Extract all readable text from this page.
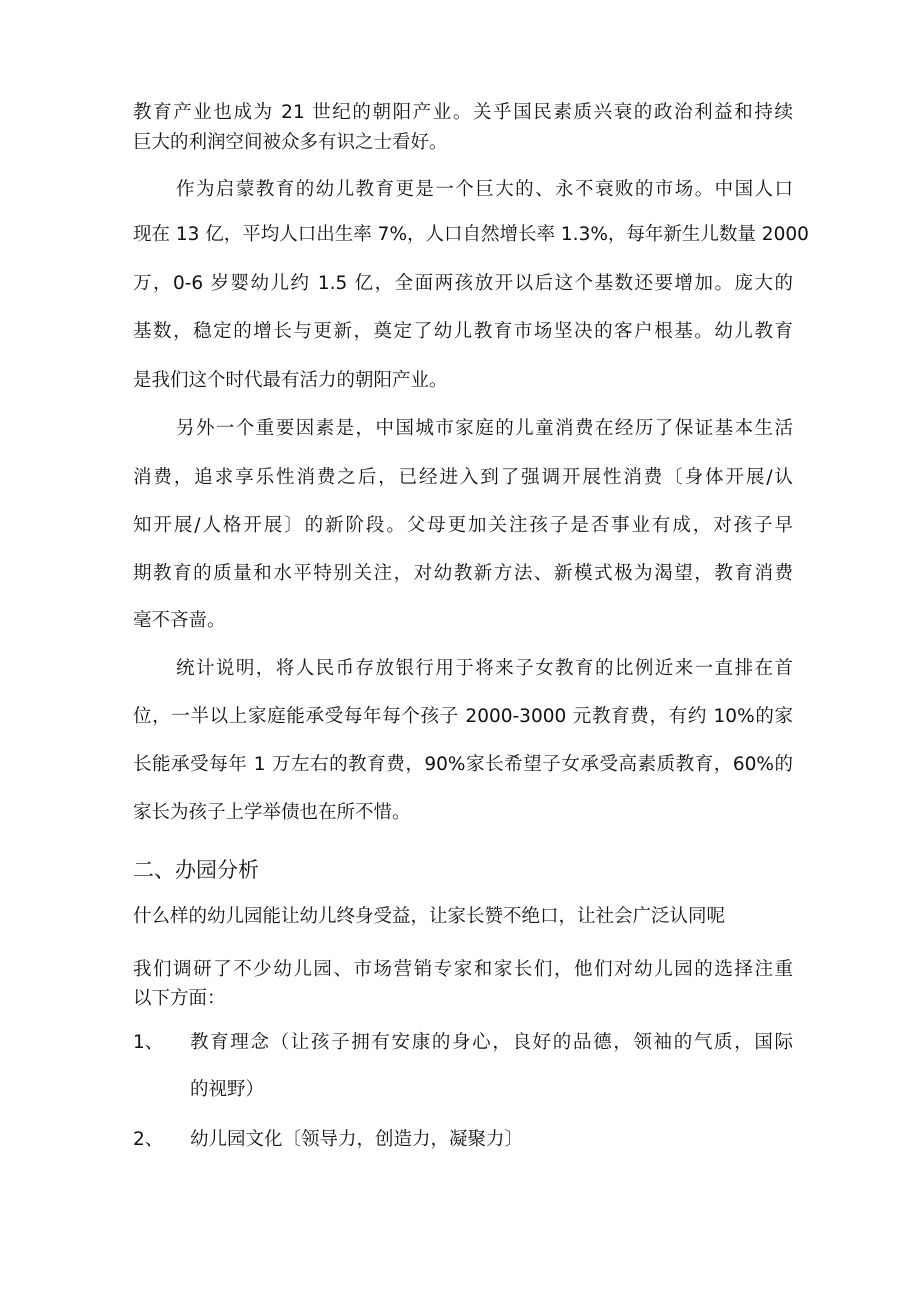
教育产业也成为 21 世纪的朝阳产业。关乎国民素质兴衰的政治利益和持续
巨大的利润空间被众多有识之士看好。
作为启蒙教育的幼儿教育更是一个巨大的、永不衰败的市场。中国人口
现在 13 亿，平均人口出生率 7%，人口自然增长率 1.3%，每年新生儿数量 2000
万，0-6 岁婴幼儿约 1.5 亿，全面两孩放开以后这个基数还要增加。庞大的
基数，稳定的增长与更新，奠定了幼儿教育市场坚决的客户根基。幼儿教育
是我们这个时代最有活力的朝阳产业。
另外一个重要因素是，中国城市家庭的儿童消费在经历了保证基本生活
消费，追求享乐性消费之后，已经进入到了强调开展性消费〔身体开展/认
知开展/人格开展〕的新阶段。父母更加关注孩子是否事业有成，对孩子早
期教育的质量和水平特别关注，对幼教新方法、新模式极为渴望，教育消费
毫不吝啬。
统计说明，将人民币存放银行用于将来子女教育的比例近来一直排在首
位，一半以上家庭能承受每年每个孩子 2000-3000 元教育费，有约 10%的家
长能承受每年 1 万左右的教育费，90%家长希望子女承受高素质教育，60%的
家长为孩子上学举债也在所不惜。
二、办园分析
什么样的幼儿园能让幼儿终身受益，让家长赞不绝口，让社会广泛认同呢
我们调研了不少幼儿园、市场营销专家和家长们，他们对幼儿园的选择注重
以下方面：
1、 教育理念（让孩子拥有安康的身心，良好的品德，领袖的气质，国际
的视野）
2、 幼儿园文化〔领导力，创造力，凝聚力〕
